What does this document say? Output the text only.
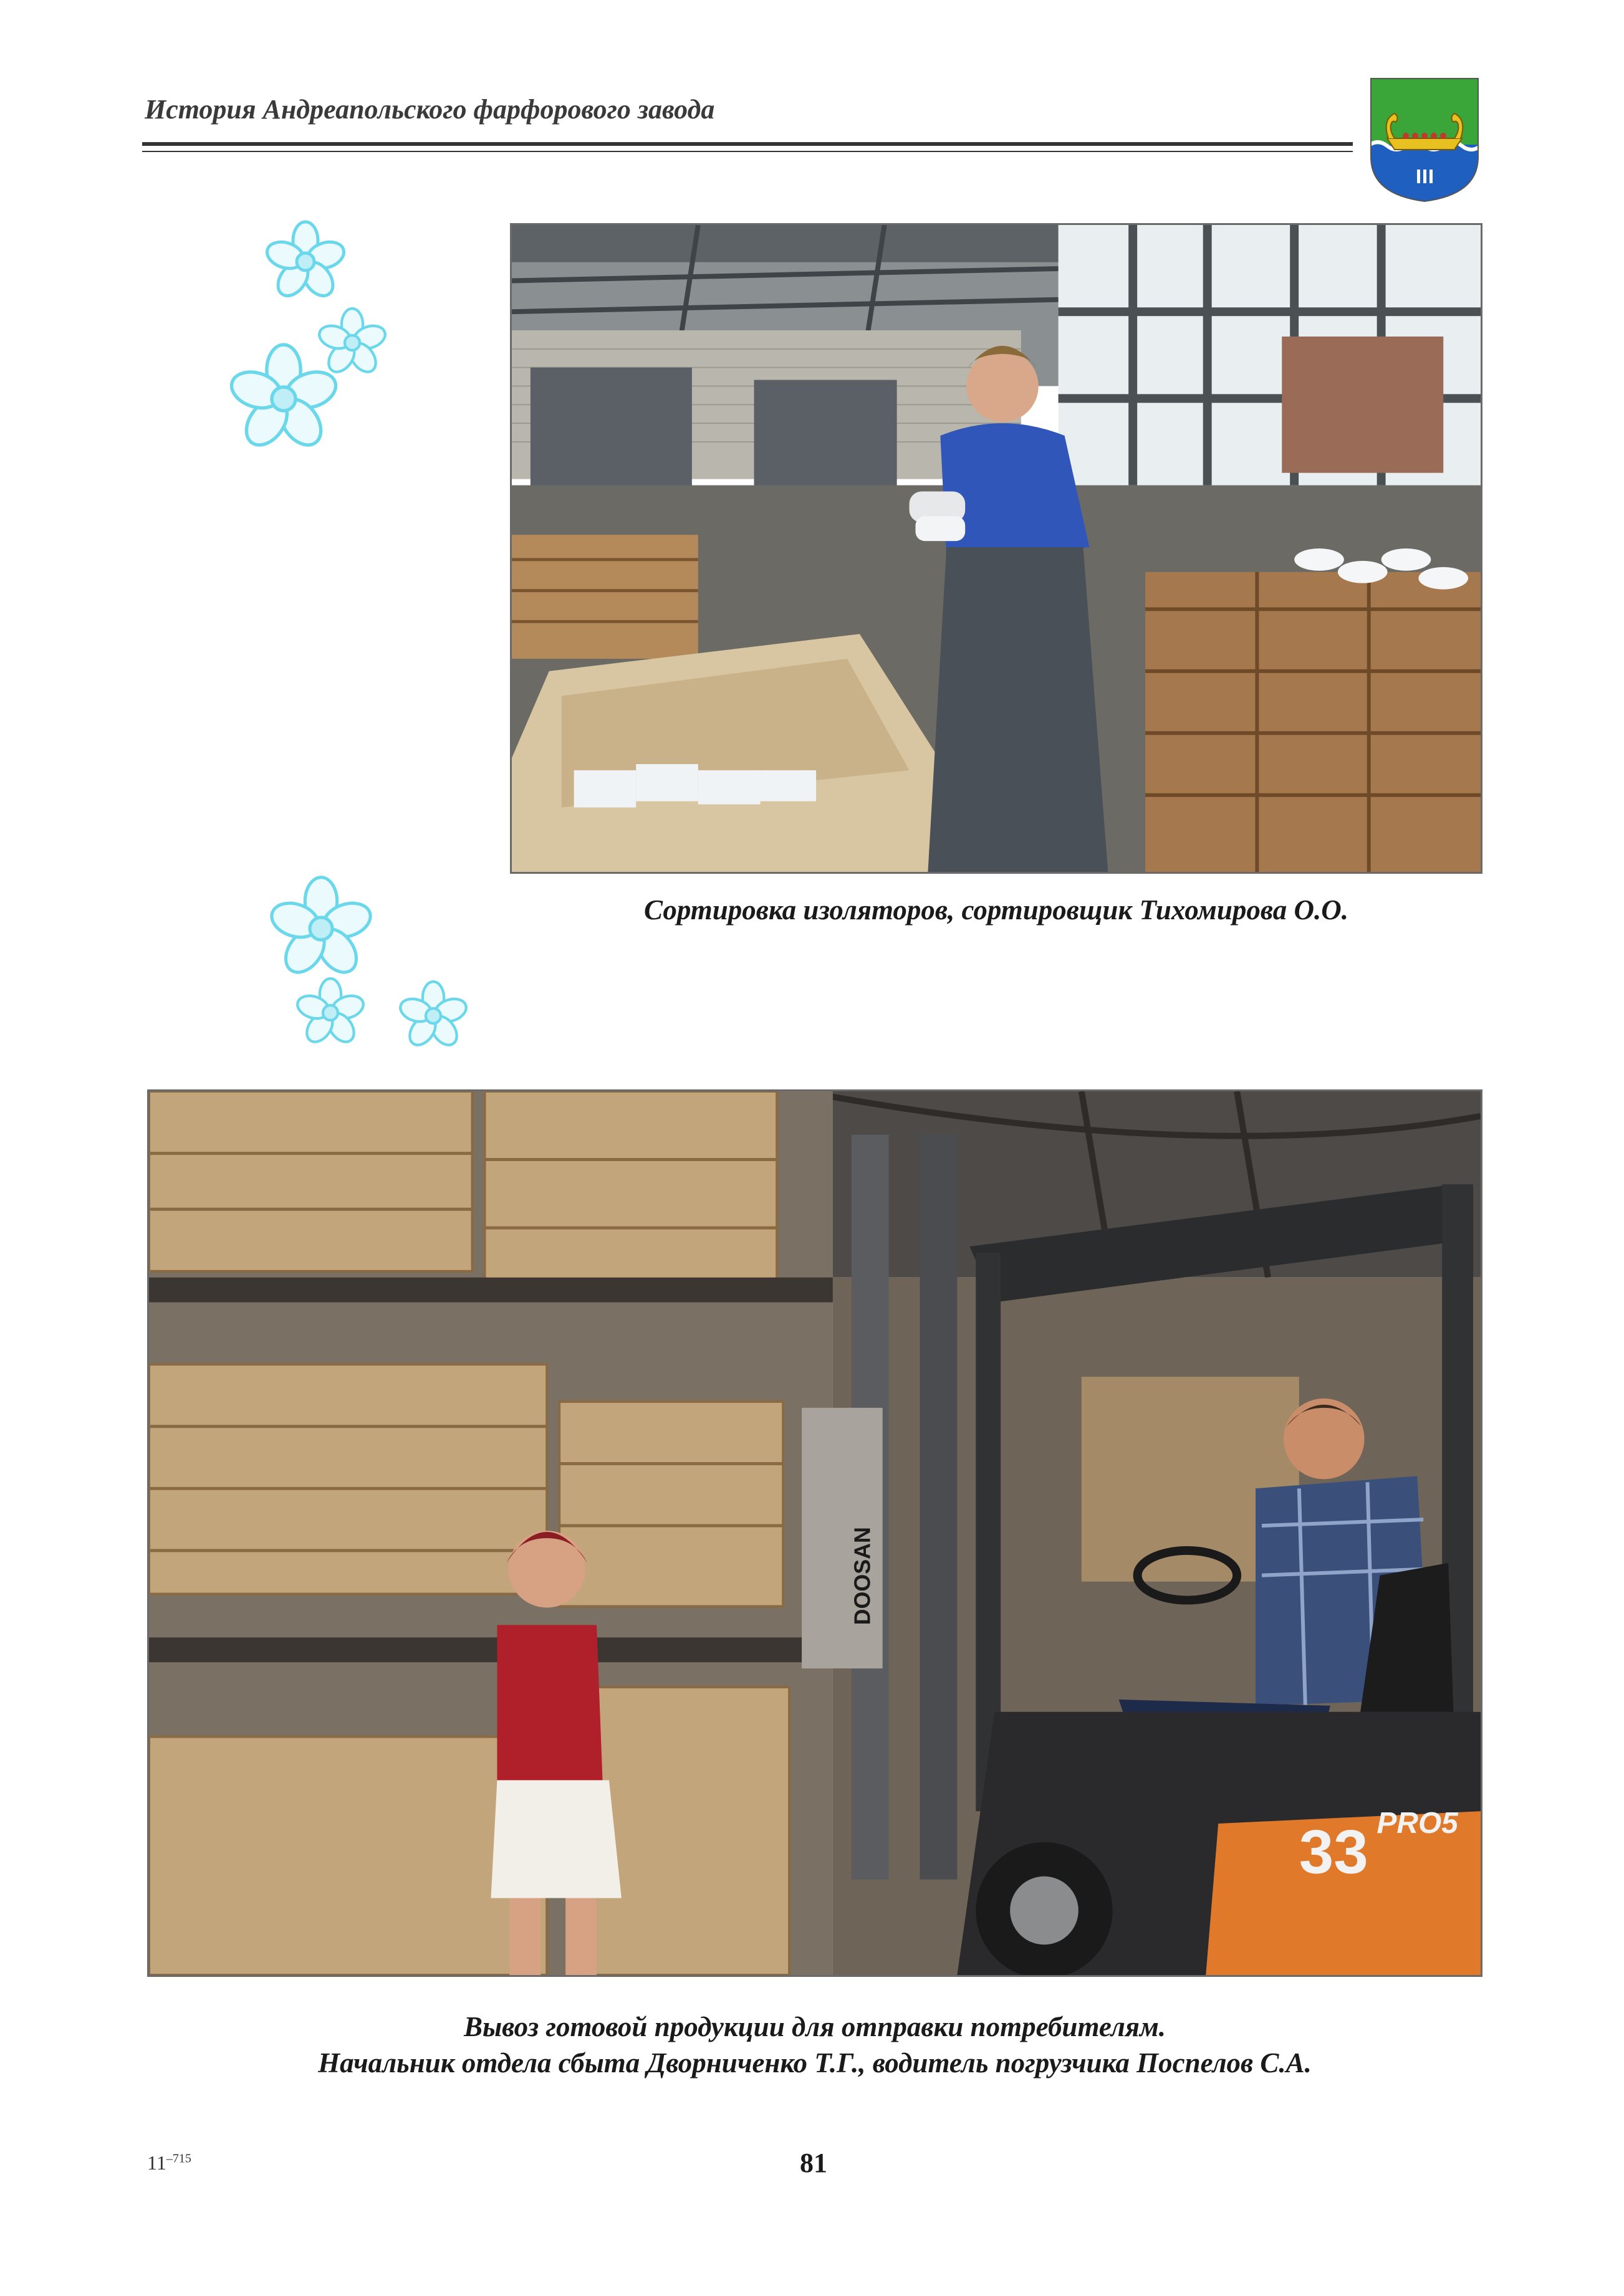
История Андреапольского фарфорового завода
Сортировка изоляторов, сортировщик Тихомирова О.О.
DOOSAN
33 PRO5
Вывоз готовой продукции для отправки потребителям.
Начальник отдела сбыта Дворниченко Т.Г., водитель погрузчика Поспелов С.А.
$11^{-715}$	81
